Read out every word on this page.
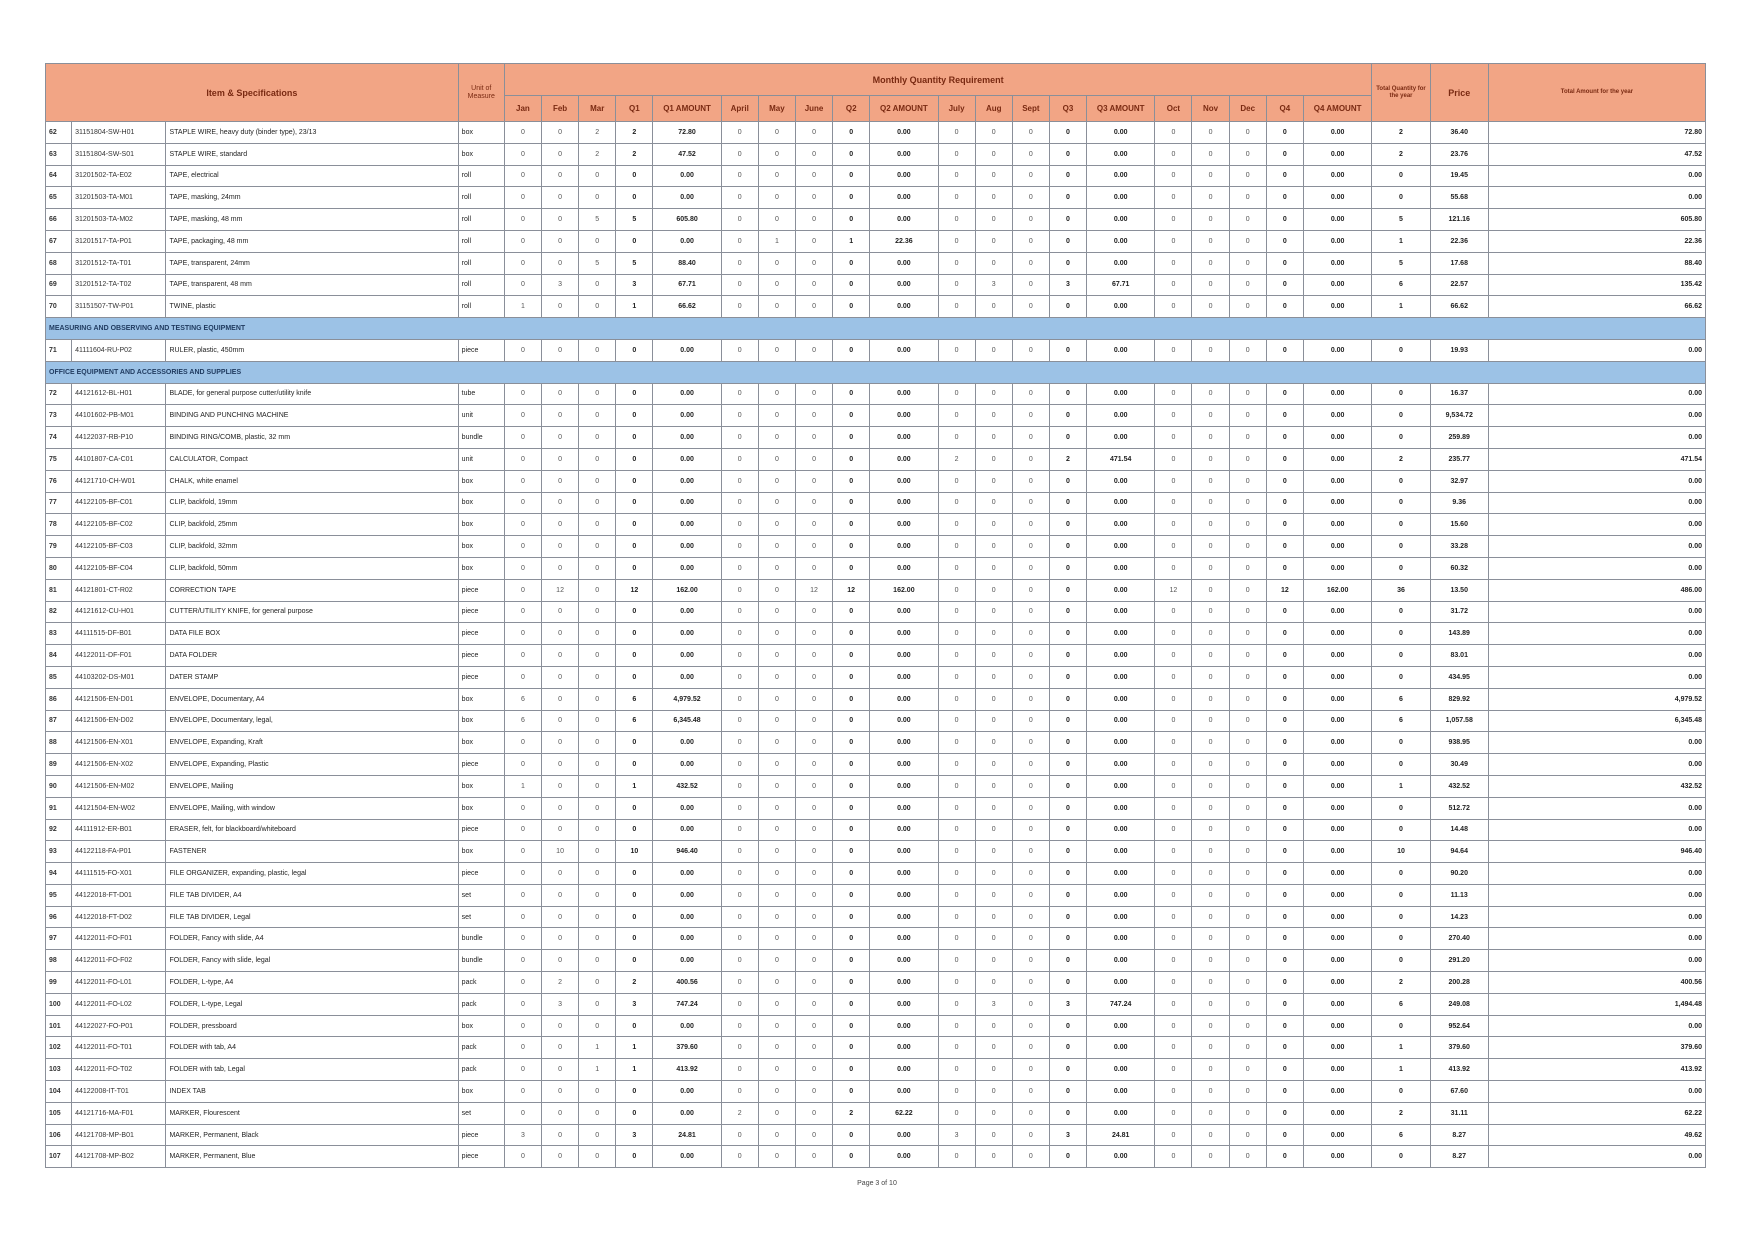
Item & Specifications			Unit of Measure	Monthly Quantity Requirement																				Total Quantity for the year	Price	Total Amount for the year

				Jan	Feb	Mar	Q1	Q1 AMOUNT	April	May	June	Q2	Q2 AMOUNT	July	Aug	Sept	Q3	Q3 AMOUNT	Oct	Nov	Dec	Q4	Q4 AMOUNT			
62	31151804-SW-H01	STAPLE WIRE, heavy duty (binder type), 23/13	box	0	0	2	2	72.80	0	0	0	0	0.00	0	0	0	0	0.00	0	0	0	0	0.00	2	36.40	72.80
63	31151804-SW-S01	STAPLE WIRE, standard	box	0	0	2	2	47.52	0	0	0	0	0.00	0	0	0	0	0.00	0	0	0	0	0.00	2	23.76	47.52
64	31201502-TA-E02	TAPE, electrical	roll	0	0	0	0	0.00	0	0	0	0	0.00	0	0	0	0	0.00	0	0	0	0	0.00	0	19.45	0.00
65	31201503-TA-M01	TAPE, masking, 24mm	roll	0	0	0	0	0.00	0	0	0	0	0.00	0	0	0	0	0.00	0	0	0	0	0.00	0	55.68	0.00
66	31201503-TA-M02	TAPE, masking, 48 mm	roll	0	0	5	5	605.80	0	0	0	0	0.00	0	0	0	0	0.00	0	0	0	0	0.00	5	121.16	605.80
67	31201517-TA-P01	TAPE, packaging, 48 mm	roll	0	0	0	0	0.00	0	1	0	1	22.36	0	0	0	0	0.00	0	0	0	0	0.00	1	22.36	22.36
68	31201512-TA-T01	TAPE, transparent, 24mm	roll	0	0	5	5	88.40	0	0	0	0	0.00	0	0	0	0	0.00	0	0	0	0	0.00	5	17.68	88.40
69	31201512-TA-T02	TAPE, transparent, 48 mm	roll	0	3	0	3	67.71	0	0	0	0	0.00	0	3	0	3	67.71	0	0	0	0	0.00	6	22.57	135.42
70	31151507-TW-P01	TWINE, plastic	roll	1	0	0	1	66.62	0	0	0	0	0.00	0	0	0	0	0.00	0	0	0	0	0.00	1	66.62	66.62
MEASURING AND OBSERVING AND TESTING EQUIPMENT																										
71	41111604-RU-P02	RULER, plastic, 450mm	piece	0	0	0	0	0.00	0	0	0	0	0.00	0	0	0	0	0.00	0	0	0	0	0.00	0	19.93	0.00
OFFICE EQUIPMENT AND ACCESSORIES AND SUPPLIES																										
72	44121612-BL-H01	BLADE, for general purpose cutter/utility knife	tube	0	0	0	0	0.00	0	0	0	0	0.00	0	0	0	0	0.00	0	0	0	0	0.00	0	16.37	0.00
73	44101602-PB-M01	BINDING AND PUNCHING MACHINE	unit	0	0	0	0	0.00	0	0	0	0	0.00	0	0	0	0	0.00	0	0	0	0	0.00	0	9,534.72	0.00
74	44122037-RB-P10	BINDING RING/COMB, plastic, 32 mm	bundle	0	0	0	0	0.00	0	0	0	0	0.00	0	0	0	0	0.00	0	0	0	0	0.00	0	259.89	0.00
75	44101807-CA-C01	CALCULATOR, Compact	unit	0	0	0	0	0.00	0	0	0	0	0.00	2	0	0	2	471.54	0	0	0	0	0.00	2	235.77	471.54
76	44121710-CH-W01	CHALK, white enamel	box	0	0	0	0	0.00	0	0	0	0	0.00	0	0	0	0	0.00	0	0	0	0	0.00	0	32.97	0.00
77	44122105-BF-C01	CLIP, backfold, 19mm	box	0	0	0	0	0.00	0	0	0	0	0.00	0	0	0	0	0.00	0	0	0	0	0.00	0	9.36	0.00
78	44122105-BF-C02	CLIP, backfold, 25mm	box	0	0	0	0	0.00	0	0	0	0	0.00	0	0	0	0	0.00	0	0	0	0	0.00	0	15.60	0.00
79	44122105-BF-C03	CLIP, backfold, 32mm	box	0	0	0	0	0.00	0	0	0	0	0.00	0	0	0	0	0.00	0	0	0	0	0.00	0	33.28	0.00
80	44122105-BF-C04	CLIP, backfold, 50mm	box	0	0	0	0	0.00	0	0	0	0	0.00	0	0	0	0	0.00	0	0	0	0	0.00	0	60.32	0.00
81	44121801-CT-R02	CORRECTION TAPE	piece	0	12	0	12	162.00	0	0	12	12	162.00	0	0	0	0	0.00	12	0	0	12	162.00	36	13.50	486.00
82	44121612-CU-H01	CUTTER/UTILITY KNIFE, for general purpose	piece	0	0	0	0	0.00	0	0	0	0	0.00	0	0	0	0	0.00	0	0	0	0	0.00	0	31.72	0.00
83	44111515-DF-B01	DATA FILE BOX	piece	0	0	0	0	0.00	0	0	0	0	0.00	0	0	0	0	0.00	0	0	0	0	0.00	0	143.89	0.00
84	44122011-DF-F01	DATA FOLDER	piece	0	0	0	0	0.00	0	0	0	0	0.00	0	0	0	0	0.00	0	0	0	0	0.00	0	83.01	0.00
85	44103202-DS-M01	DATER STAMP	piece	0	0	0	0	0.00	0	0	0	0	0.00	0	0	0	0	0.00	0	0	0	0	0.00	0	434.95	0.00
86	44121506-EN-D01	ENVELOPE, Documentary, A4	box	6	0	0	6	4,979.52	0	0	0	0	0.00	0	0	0	0	0.00	0	0	0	0	0.00	6	829.92	4,979.52
87	44121506-EN-D02	ENVELOPE, Documentary, legal,	box	6	0	0	6	6,345.48	0	0	0	0	0.00	0	0	0	0	0.00	0	0	0	0	0.00	6	1,057.58	6,345.48
88	44121506-EN-X01	ENVELOPE, Expanding, Kraft	box	0	0	0	0	0.00	0	0	0	0	0.00	0	0	0	0	0.00	0	0	0	0	0.00	0	938.95	0.00
89	44121506-EN-X02	ENVELOPE, Expanding, Plastic	piece	0	0	0	0	0.00	0	0	0	0	0.00	0	0	0	0	0.00	0	0	0	0	0.00	0	30.49	0.00
90	44121506-EN-M02	ENVELOPE, Mailing	box	1	0	0	1	432.52	0	0	0	0	0.00	0	0	0	0	0.00	0	0	0	0	0.00	1	432.52	432.52
91	44121504-EN-W02	ENVELOPE, Mailing, with window	box	0	0	0	0	0.00	0	0	0	0	0.00	0	0	0	0	0.00	0	0	0	0	0.00	0	512.72	0.00
92	44111912-ER-B01	ERASER, felt, for blackboard/whiteboard	piece	0	0	0	0	0.00	0	0	0	0	0.00	0	0	0	0	0.00	0	0	0	0	0.00	0	14.48	0.00
93	44122118-FA-P01	FASTENER	box	0	10	0	10	946.40	0	0	0	0	0.00	0	0	0	0	0.00	0	0	0	0	0.00	10	94.64	946.40
94	44111515-FO-X01	FILE ORGANIZER, expanding, plastic, legal	piece	0	0	0	0	0.00	0	0	0	0	0.00	0	0	0	0	0.00	0	0	0	0	0.00	0	90.20	0.00
95	44122018-FT-D01	FILE TAB DIVIDER, A4	set	0	0	0	0	0.00	0	0	0	0	0.00	0	0	0	0	0.00	0	0	0	0	0.00	0	11.13	0.00
96	44122018-FT-D02	FILE TAB DIVIDER, Legal	set	0	0	0	0	0.00	0	0	0	0	0.00	0	0	0	0	0.00	0	0	0	0	0.00	0	14.23	0.00
97	44122011-FO-F01	FOLDER, Fancy with slide, A4	bundle	0	0	0	0	0.00	0	0	0	0	0.00	0	0	0	0	0.00	0	0	0	0	0.00	0	270.40	0.00
98	44122011-FO-F02	FOLDER, Fancy with slide, legal	bundle	0	0	0	0	0.00	0	0	0	0	0.00	0	0	0	0	0.00	0	0	0	0	0.00	0	291.20	0.00
99	44122011-FO-L01	FOLDER, L-type, A4	pack	0	2	0	2	400.56	0	0	0	0	0.00	0	0	0	0	0.00	0	0	0	0	0.00	2	200.28	400.56
100	44122011-FO-L02	FOLDER, L-type, Legal	pack	0	3	0	3	747.24	0	0	0	0	0.00	0	3	0	3	747.24	0	0	0	0	0.00	6	249.08	1,494.48
101	44122027-FO-P01	FOLDER, pressboard	box	0	0	0	0	0.00	0	0	0	0	0.00	0	0	0	0	0.00	0	0	0	0	0.00	0	952.64	0.00
102	44122011-FO-T01	FOLDER with tab, A4	pack	0	0	1	1	379.60	0	0	0	0	0.00	0	0	0	0	0.00	0	0	0	0	0.00	1	379.60	379.60
103	44122011-FO-T02	FOLDER with tab, Legal	pack	0	0	1	1	413.92	0	0	0	0	0.00	0	0	0	0	0.00	0	0	0	0	0.00	1	413.92	413.92
104	44122008-IT-T01	INDEX TAB	box	0	0	0	0	0.00	0	0	0	0	0.00	0	0	0	0	0.00	0	0	0	0	0.00	0	67.60	0.00
105	44121716-MA-F01	MARKER, Flourescent	set	0	0	0	0	0.00	2	0	0	2	62.22	0	0	0	0	0.00	0	0	0	0	0.00	2	31.11	62.22
106	44121708-MP-B01	MARKER, Permanent, Black	piece	3	0	0	3	24.81	0	0	0	0	0.00	3	0	0	3	24.81	0	0	0	0	0.00	6	8.27	49.62
107	44121708-MP-B02	MARKER, Permanent, Blue	piece	0	0	0	0	0.00	0	0	0	0	0.00	0	0	0	0	0.00	0	0	0	0	0.00	0	8.27	0.00
Page 3 of 10
